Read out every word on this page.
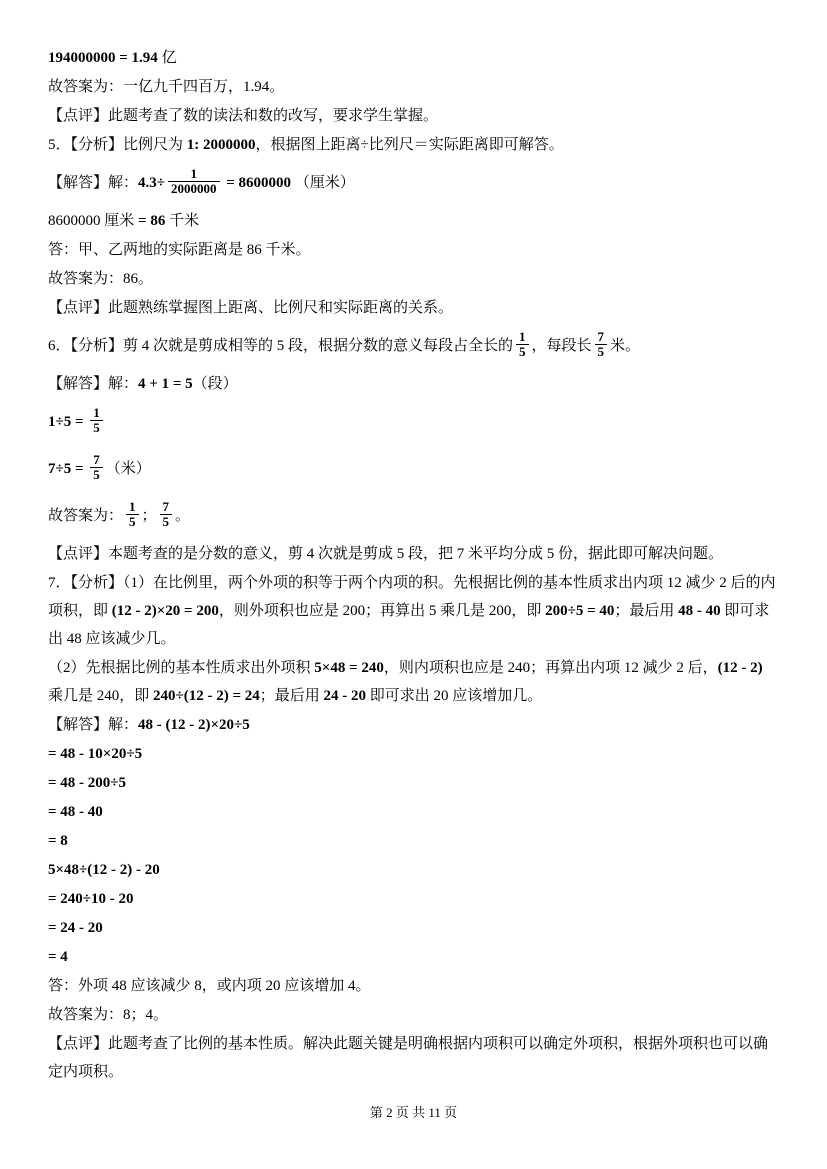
194000000 = 1.94 亿
故答案为：一亿九千四百万，1.94。
【点评】此题考查了数的读法和数的改写，要求学生掌握。
5．【分析】比例尺为 1: 2000000，根据图上距离÷比列尺＝实际距离即可解答。
【解答】解：$4.3\div \frac{1}{2000000} = 8600000$ （厘米）
8600000 厘米 = 86 千米
答：甲、乙两地的实际距离是 86 千米。
故答案为：86。
【点评】此题熟练掌握图上距离、比例尺和实际距离的关系。
6．【分析】剪 4 次就是剪成相等的 5 段，根据分数的意义每段占全长的 $\frac{1}{5}$ ，每段长 $\frac{7}{5}$ 米。
【解答】解：4 + 1 = 5（段）
$1\div 5 = \frac{1}{5}$
$7\div 5 = \frac{7}{5}$ （米）
故答案为： $\frac{1}{5}$ ； $\frac{7}{5}$ 。
【点评】本题考查的是分数的意义，剪 4 次就是剪成 5 段，把 7 米平均分成 5 份，据此即可解决问题。
7．【分析】（1）在比例里，两个外项的积等于两个内项的积。先根据比例的基本性质求出内项 12 减少 2 后的内项积，即 (12 - 2)×20 = 200，则外项积也应是 200；再算出 5 乘几是 200，即 200÷5 = 40；最后用 48 - 40 即可求出 48 应该减少几。
（2）先根据比例的基本性质求出外项积 5×48 = 240，则内项积也应是 240；再算出内项 12 减少 2 后，(12 - 2) 乘几是 240，即 240÷(12 - 2) = 24；最后用 24 - 20 即可求出 20 应该增加几。
【解答】解：48 - (12 - 2)×20÷5
= 48 - 10×20÷5
= 48 - 200÷5
= 48 - 40
= 8
5×48÷(12 - 2) - 20
= 240÷10 - 20
= 24 - 20
= 4
答：外项 48 应该减少 8，或内项 20 应该增加 4。
故答案为：8；4。
【点评】此题考查了比例的基本性质。解决此题关键是明确根据内项积可以确定外项积，根据外项积也可以确定内项积。
第 2 页 共 11 页
